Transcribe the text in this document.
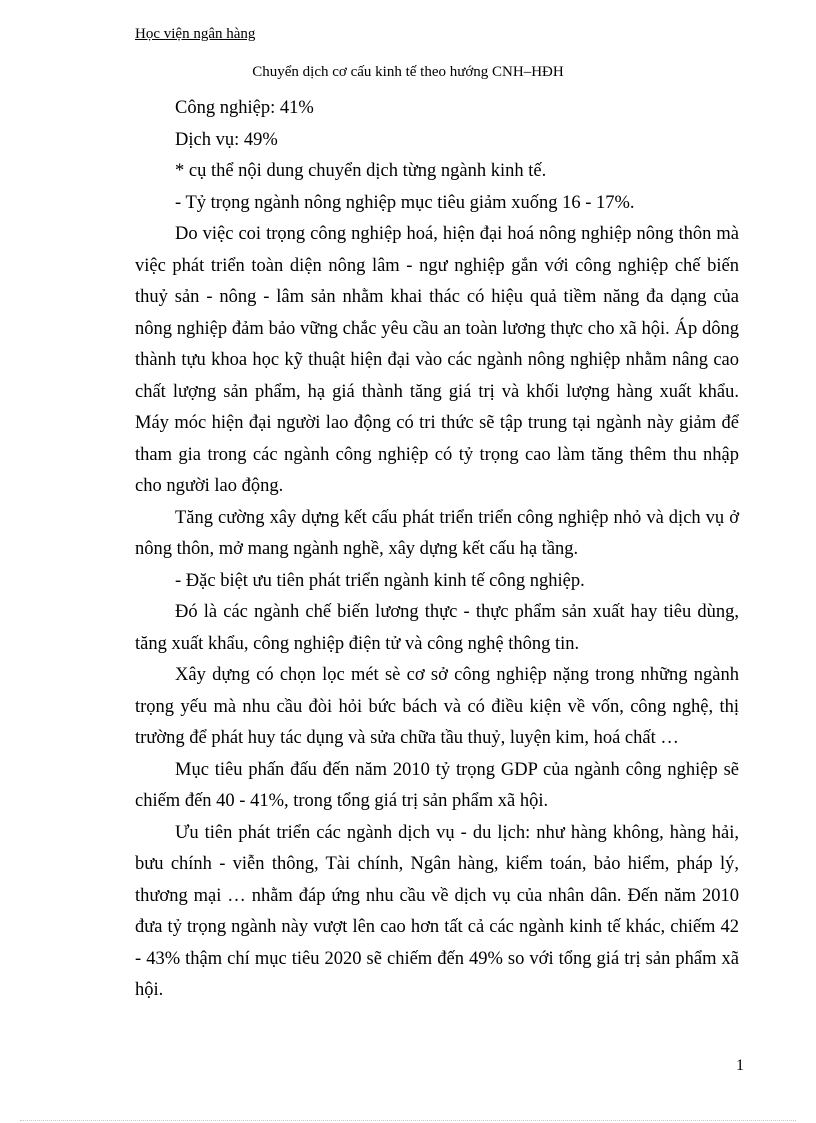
Học viện ngân hàng
Chuyển dịch cơ cấu kinh tế theo hướng CNH–HĐH

Công nghiệp: 41%

Dịch vụ: 49%

* cụ thể nội dung chuyển dịch từng ngành kinh tế.

- Tỷ trọng ngành nông nghiệp mục tiêu giảm xuống 16 - 17%.

Do việc coi trọng công nghiệp hoá, hiện đại hoá nông nghiệp nông thôn mà việc phát triển toàn diện nông lâm - ngư nghiệp gắn với công nghiệp chế biến thuỷ sản - nông - lâm sản nhằm khai thác có hiệu quả tiềm năng đa dạng của nông nghiệp đảm bảo vững chắc yêu cầu an toàn lương thực cho xã hội. Áp dông thành tựu khoa học kỹ thuật hiện đại vào các ngành nông nghiệp nhằm nâng cao chất lượng sản phẩm, hạ giá thành tăng giá trị và khối lượng hàng xuất khẩu. Máy móc hiện đại người lao động có tri thức sẽ tập trung tại ngành này giảm để tham gia trong các ngành công nghiệp có tỷ trọng cao làm tăng thêm thu nhập cho người lao động.

Tăng cường xây dựng kết cấu phát triển triển công nghiệp nhỏ và dịch vụ ở nông thôn, mở mang ngành nghề, xây dựng kết cấu hạ tầng.

- Đặc biệt ưu tiên phát triển ngành kinh tế công nghiệp.

Đó là các ngành chế biến lương thực - thực phẩm sản xuất hay tiêu dùng, tăng xuất khẩu, công nghiệp điện tử và công nghệ thông tin.

Xây dựng có chọn lọc mét sè cơ sở công nghiệp nặng trong những ngành trọng yếu mà nhu cầu đòi hỏi bức bách và có điều kiện về vốn, công nghệ, thị trường để phát huy tác dụng và sửa chữa tầu thuỷ, luyện kim, hoá chất …

Mục tiêu phấn đấu đến năm 2010 tỷ trọng GDP của ngành công nghiệp sẽ chiếm đến 40 - 41%, trong tổng giá trị sản phẩm xã hội.

Ưu tiên phát triển các ngành dịch vụ - du lịch: như hàng không, hàng hải, bưu chính - viễn thông, Tài chính, Ngân hàng, kiểm toán, bảo hiểm, pháp lý, thương mại … nhằm đáp ứng nhu cầu về dịch vụ của nhân dân. Đến năm 2010 đưa tỷ trọng ngành này vượt lên cao hơn tất cả các ngành kinh tế khác, chiếm 42 - 43% thậm chí mục tiêu 2020 sẽ chiếm đến 49% so với tổng giá trị sản phẩm xã hội.

1
